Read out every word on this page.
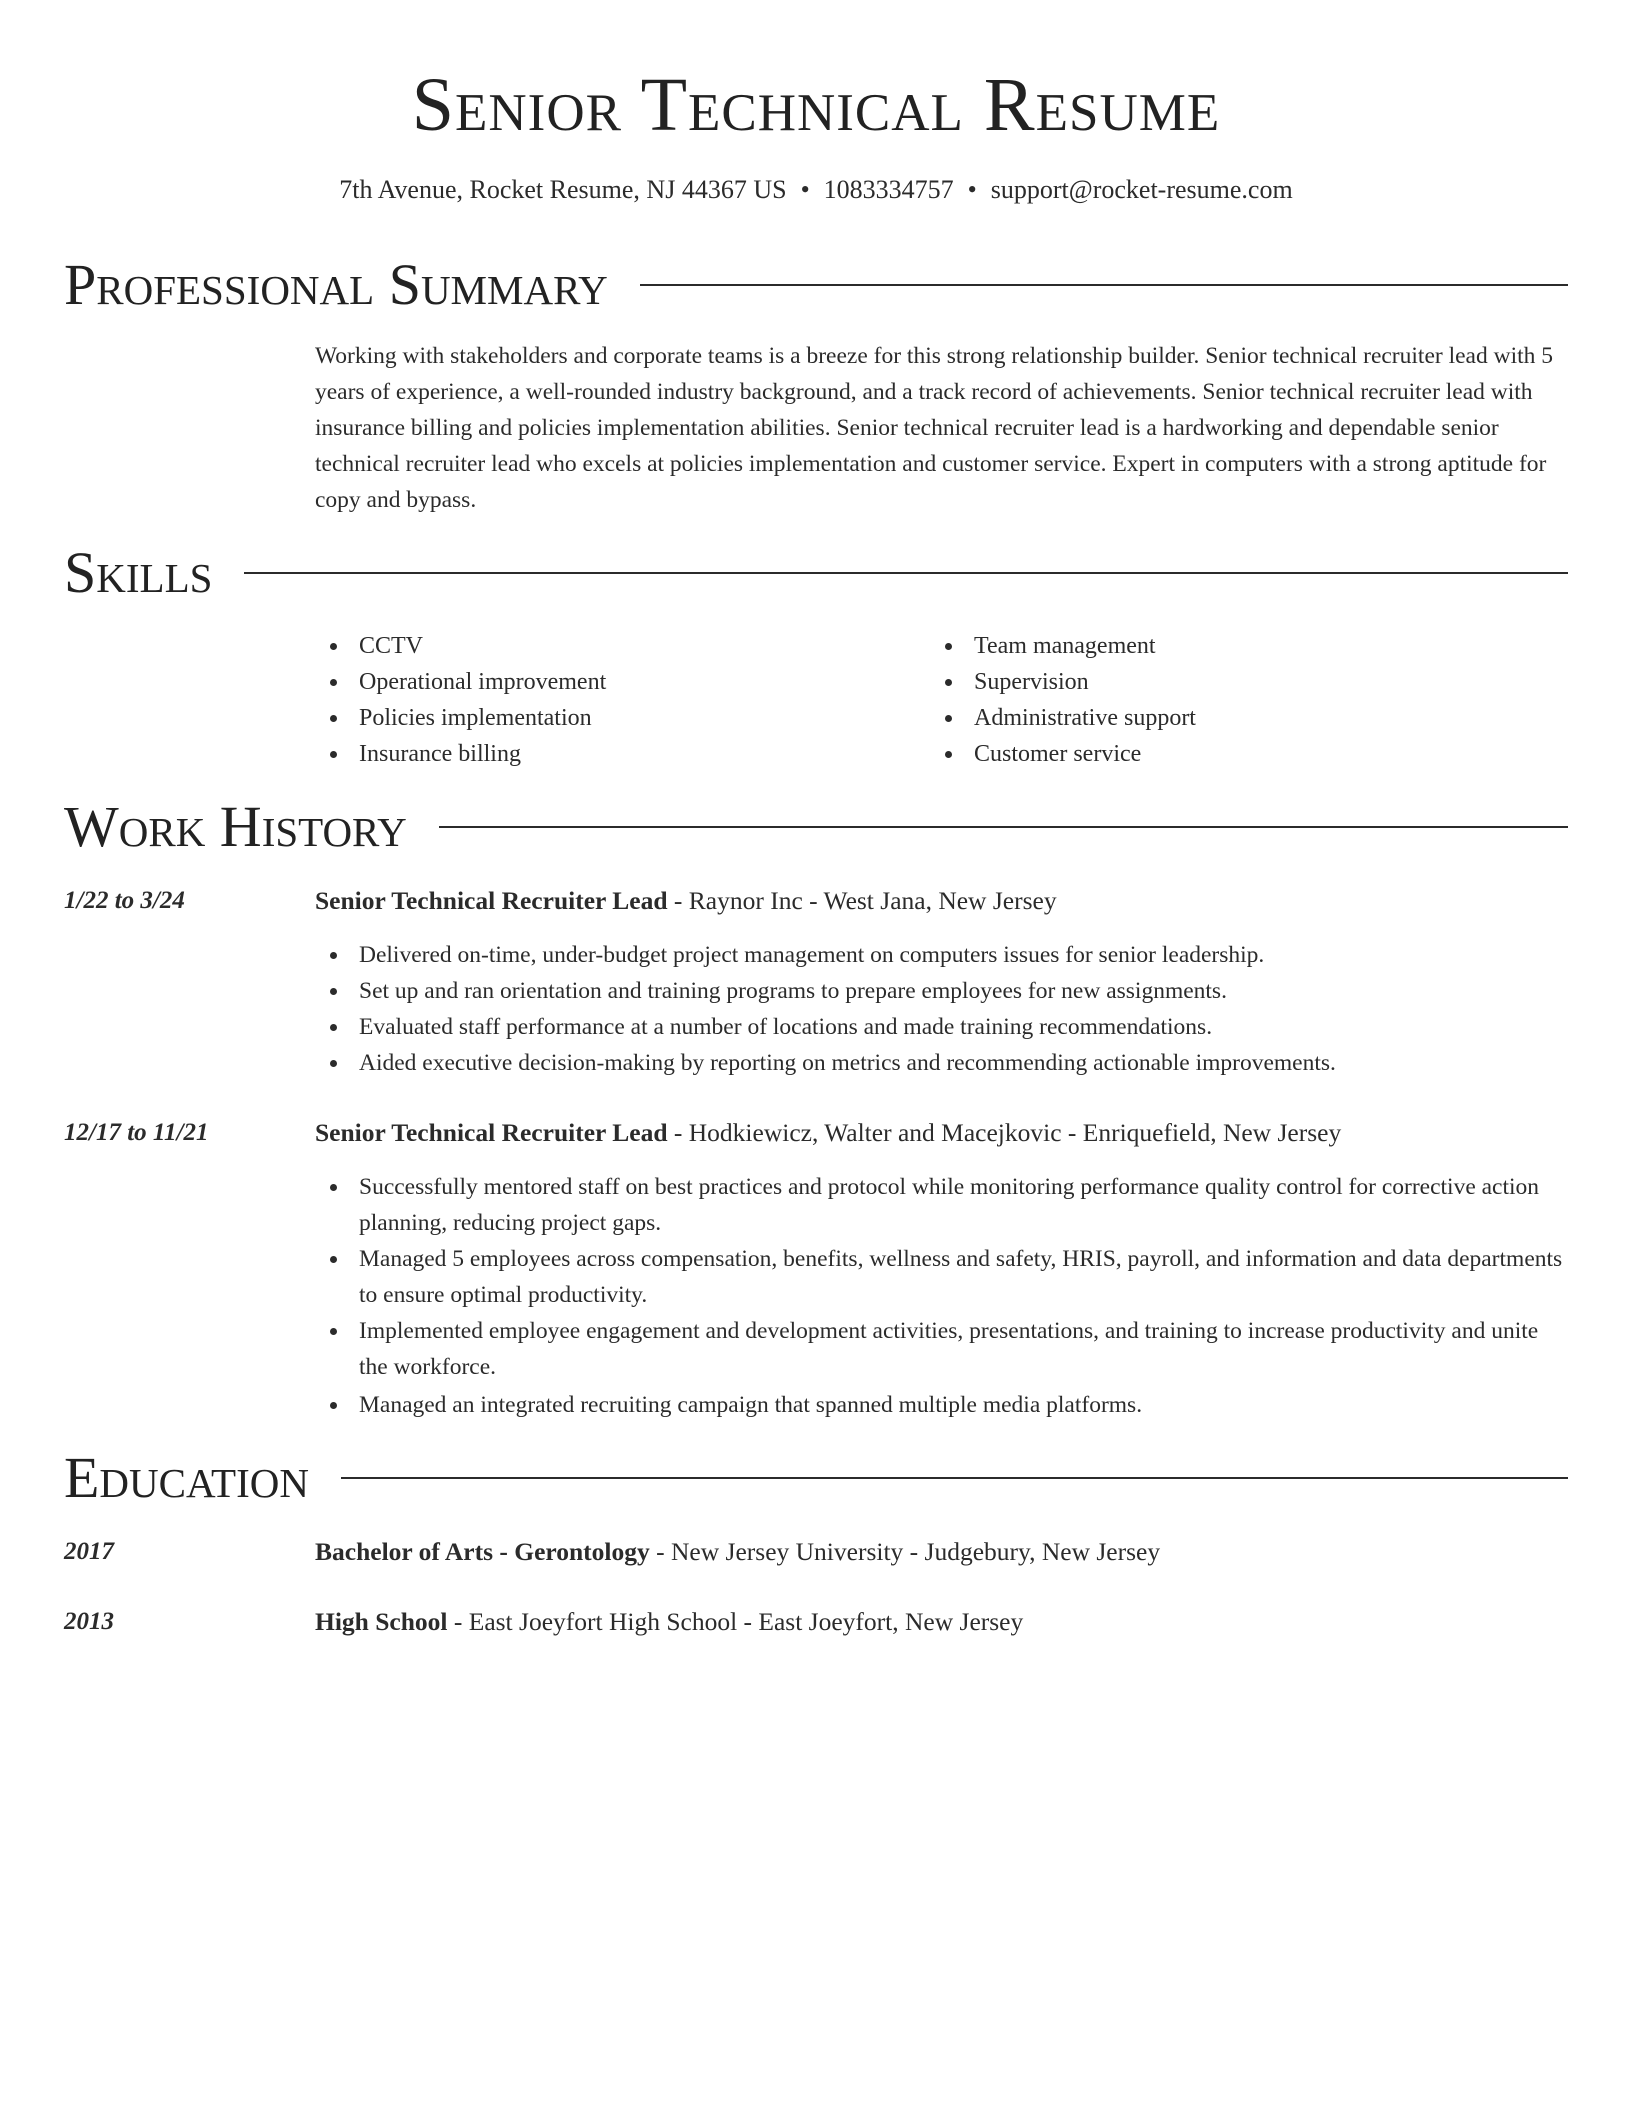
Senior Technical Resume
7th Avenue, Rocket Resume, NJ 44367 US • 1083334757 • support@rocket-resume.com
Professional Summary

Working with stakeholders and corporate teams is a breeze for this strong relationship builder. Senior technical recruiter lead with 5 years of experience, a well-rounded industry background, and a track record of achievements. Senior technical recruiter lead with insurance billing and policies implementation abilities. Senior technical recruiter lead is a hardworking and dependable senior technical recruiter lead who excels at policies implementation and customer service. Expert in computers with a strong aptitude for copy and bypass.

Skills
CCTV
Operational improvement
Policies implementation
Insurance billing
Team management
Supervision
Administrative support
Customer service
Work History
1/22 to 3/24	Senior Technical Recruiter Lead - Raynor Inc - West Jana, New Jersey
Delivered on-time, under-budget project management on computers issues for senior leadership.
Set up and ran orientation and training programs to prepare employees for new assignments.
Evaluated staff performance at a number of locations and made training recommendations.
Aided executive decision-making by reporting on metrics and recommending actionable improvements.
12/17 to 11/21	Senior Technical Recruiter Lead - Hodkiewicz, Walter and Macejkovic - Enriquefield, New Jersey
Successfully mentored staff on best practices and protocol while monitoring performance quality control for corrective action planning, reducing project gaps.
Managed 5 employees across compensation, benefits, wellness and safety, HRIS, payroll, and information and data departments to ensure optimal productivity.
Implemented employee engagement and development activities, presentations, and training to increase productivity and unite the workforce.
Managed an integrated recruiting campaign that spanned multiple media platforms.
Education
2017	Bachelor of Arts - Gerontology - New Jersey University - Judgebury, New Jersey
2013	High School - East Joeyfort High School - East Joeyfort, New Jersey
